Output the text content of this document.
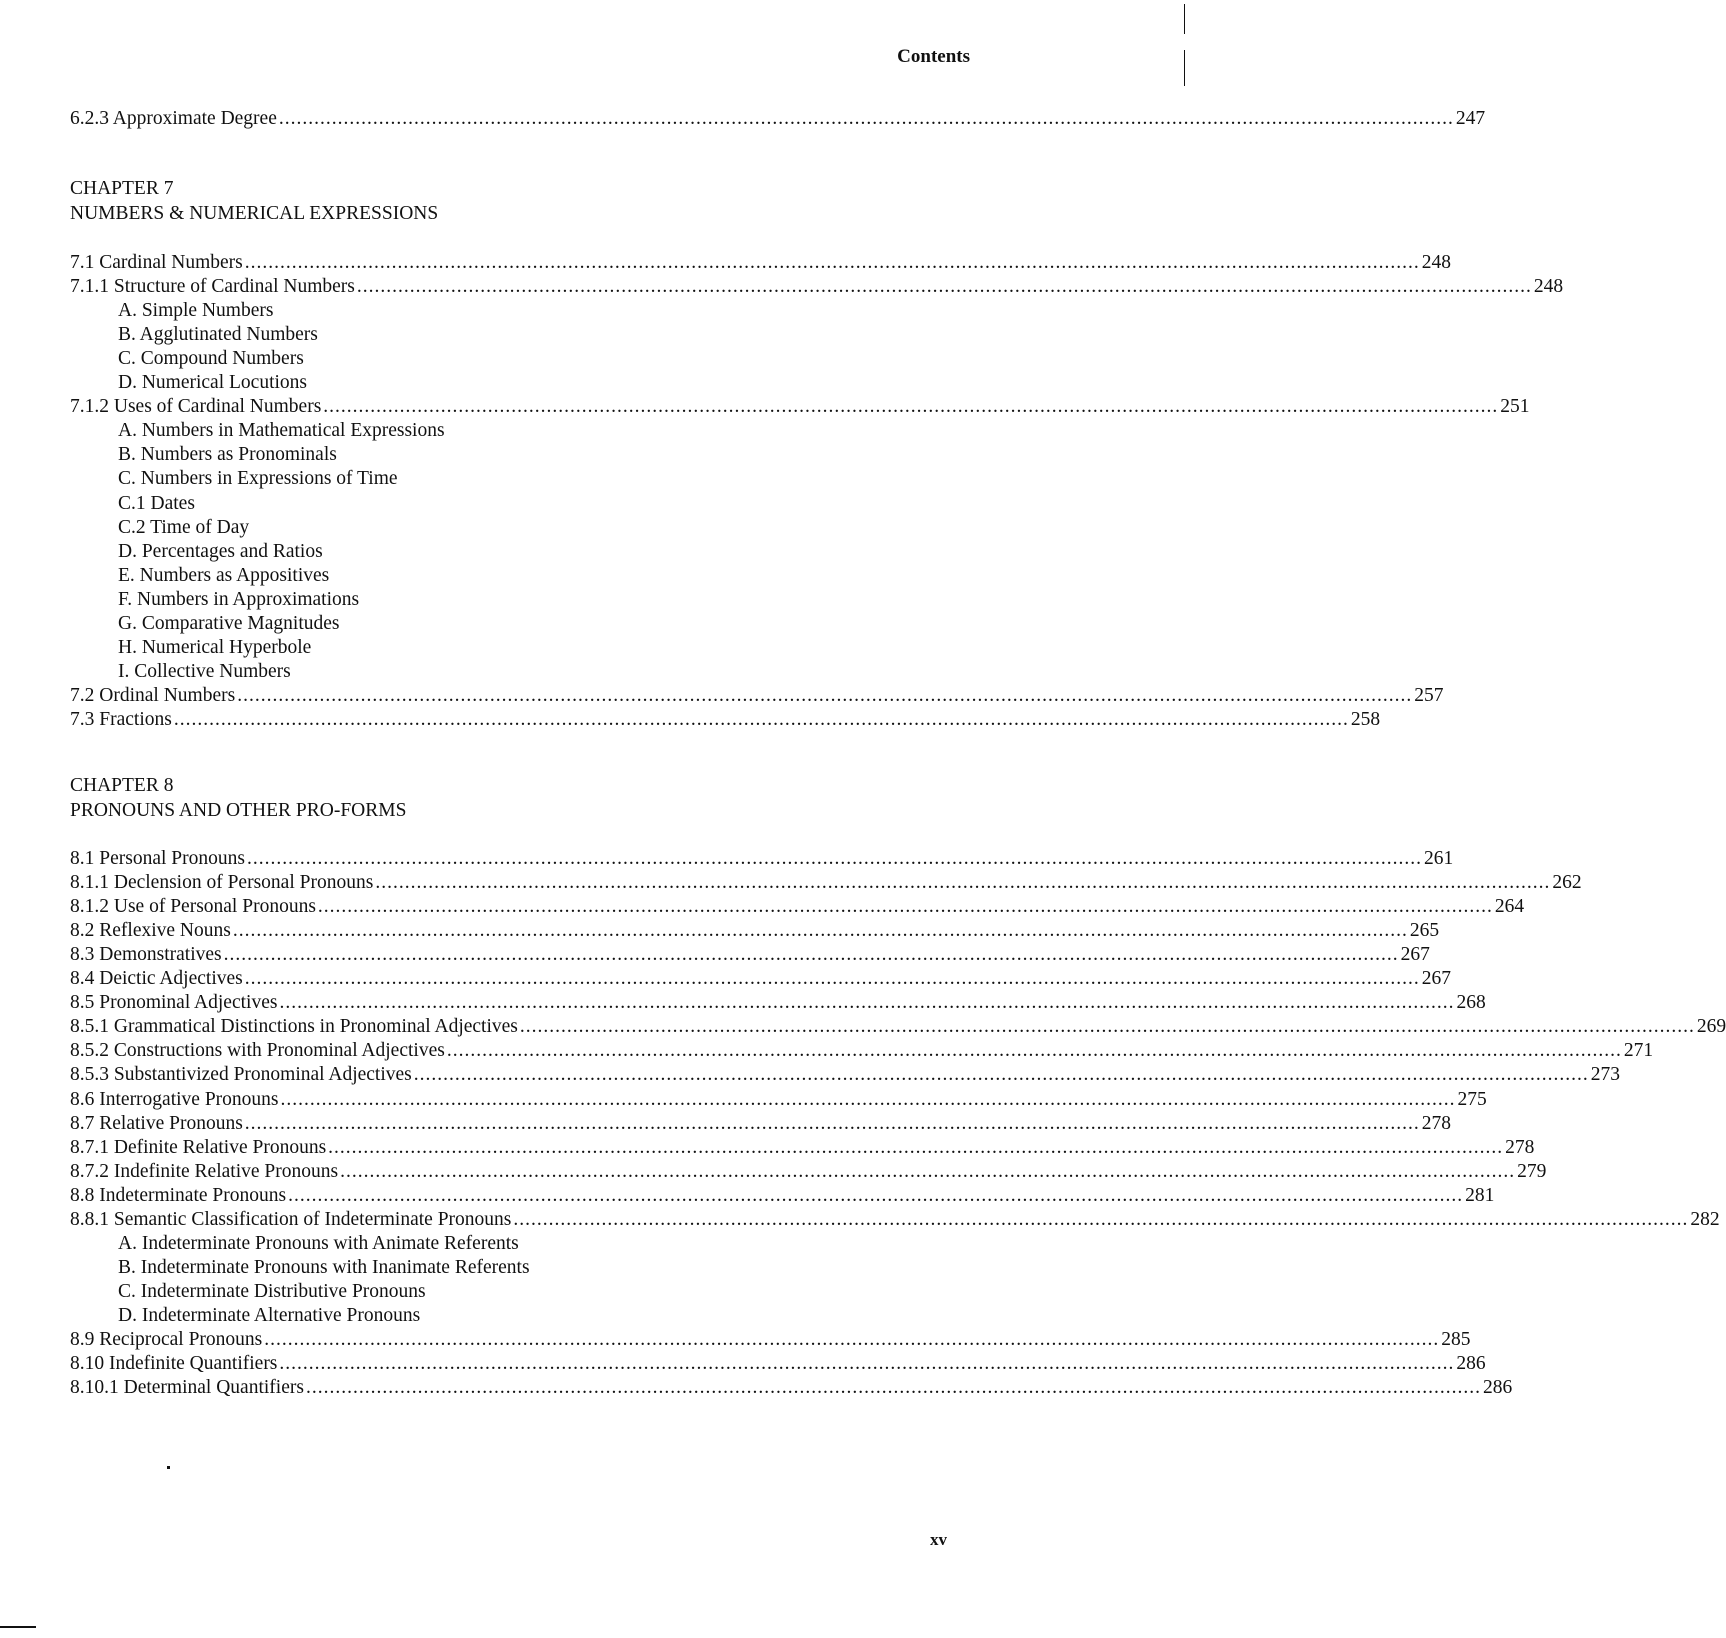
Contents
6.2.3 Approximate Degree ........................................................................................................................................................................................................ 247
CHAPTER 7
NUMBERS & NUMERICAL EXPRESSIONS
7.1 Cardinal Numbers ........................................................................................................................................................................................................ 248
7.1.1 Structure of Cardinal Numbers ........................................................................................................................................................................................................ 248
A. Simple Numbers
B. Agglutinated Numbers
C. Compound Numbers
D. Numerical Locutions
7.1.2 Uses of Cardinal Numbers ........................................................................................................................................................................................................ 251
A. Numbers in Mathematical Expressions
B. Numbers as Pronominals
C. Numbers in Expressions of Time
C.1 Dates
C.2 Time of Day
D. Percentages and Ratios
E. Numbers as Appositives
F. Numbers in Approximations
G. Comparative Magnitudes
H. Numerical Hyperbole
I. Collective Numbers
7.2 Ordinal Numbers ........................................................................................................................................................................................................ 257
7.3 Fractions ........................................................................................................................................................................................................ 258
CHAPTER 8
PRONOUNS AND OTHER PRO-FORMS
8.1 Personal Pronouns ........................................................................................................................................................................................................ 261
8.1.1 Declension of Personal Pronouns ........................................................................................................................................................................................................ 262
8.1.2 Use of Personal Pronouns ........................................................................................................................................................................................................ 264
8.2 Reflexive Nouns ........................................................................................................................................................................................................ 265
8.3 Demonstratives ........................................................................................................................................................................................................ 267
8.4 Deictic Adjectives ........................................................................................................................................................................................................ 267
8.5 Pronominal Adjectives ........................................................................................................................................................................................................ 268
8.5.1 Grammatical Distinctions in Pronominal Adjectives ........................................................................................................................................................................................................ 269
8.5.2 Constructions with Pronominal Adjectives ........................................................................................................................................................................................................ 271
8.5.3 Substantivized Pronominal Adjectives ........................................................................................................................................................................................................ 273
8.6 Interrogative Pronouns ........................................................................................................................................................................................................ 275
8.7 Relative Pronouns ........................................................................................................................................................................................................ 278
8.7.1 Definite Relative Pronouns ........................................................................................................................................................................................................ 278
8.7.2 Indefinite Relative Pronouns ........................................................................................................................................................................................................ 279
8.8 Indeterminate Pronouns ........................................................................................................................................................................................................ 281
8.8.1 Semantic Classification of Indeterminate Pronouns ........................................................................................................................................................................................................ 282
A. Indeterminate Pronouns with Animate Referents
B. Indeterminate Pronouns with Inanimate Referents
C. Indeterminate Distributive Pronouns
D. Indeterminate Alternative Pronouns
8.9 Reciprocal Pronouns ........................................................................................................................................................................................................ 285
8.10 Indefinite Quantifiers ........................................................................................................................................................................................................ 286
8.10.1 Determinal Quantifiers ........................................................................................................................................................................................................ 286
xv
